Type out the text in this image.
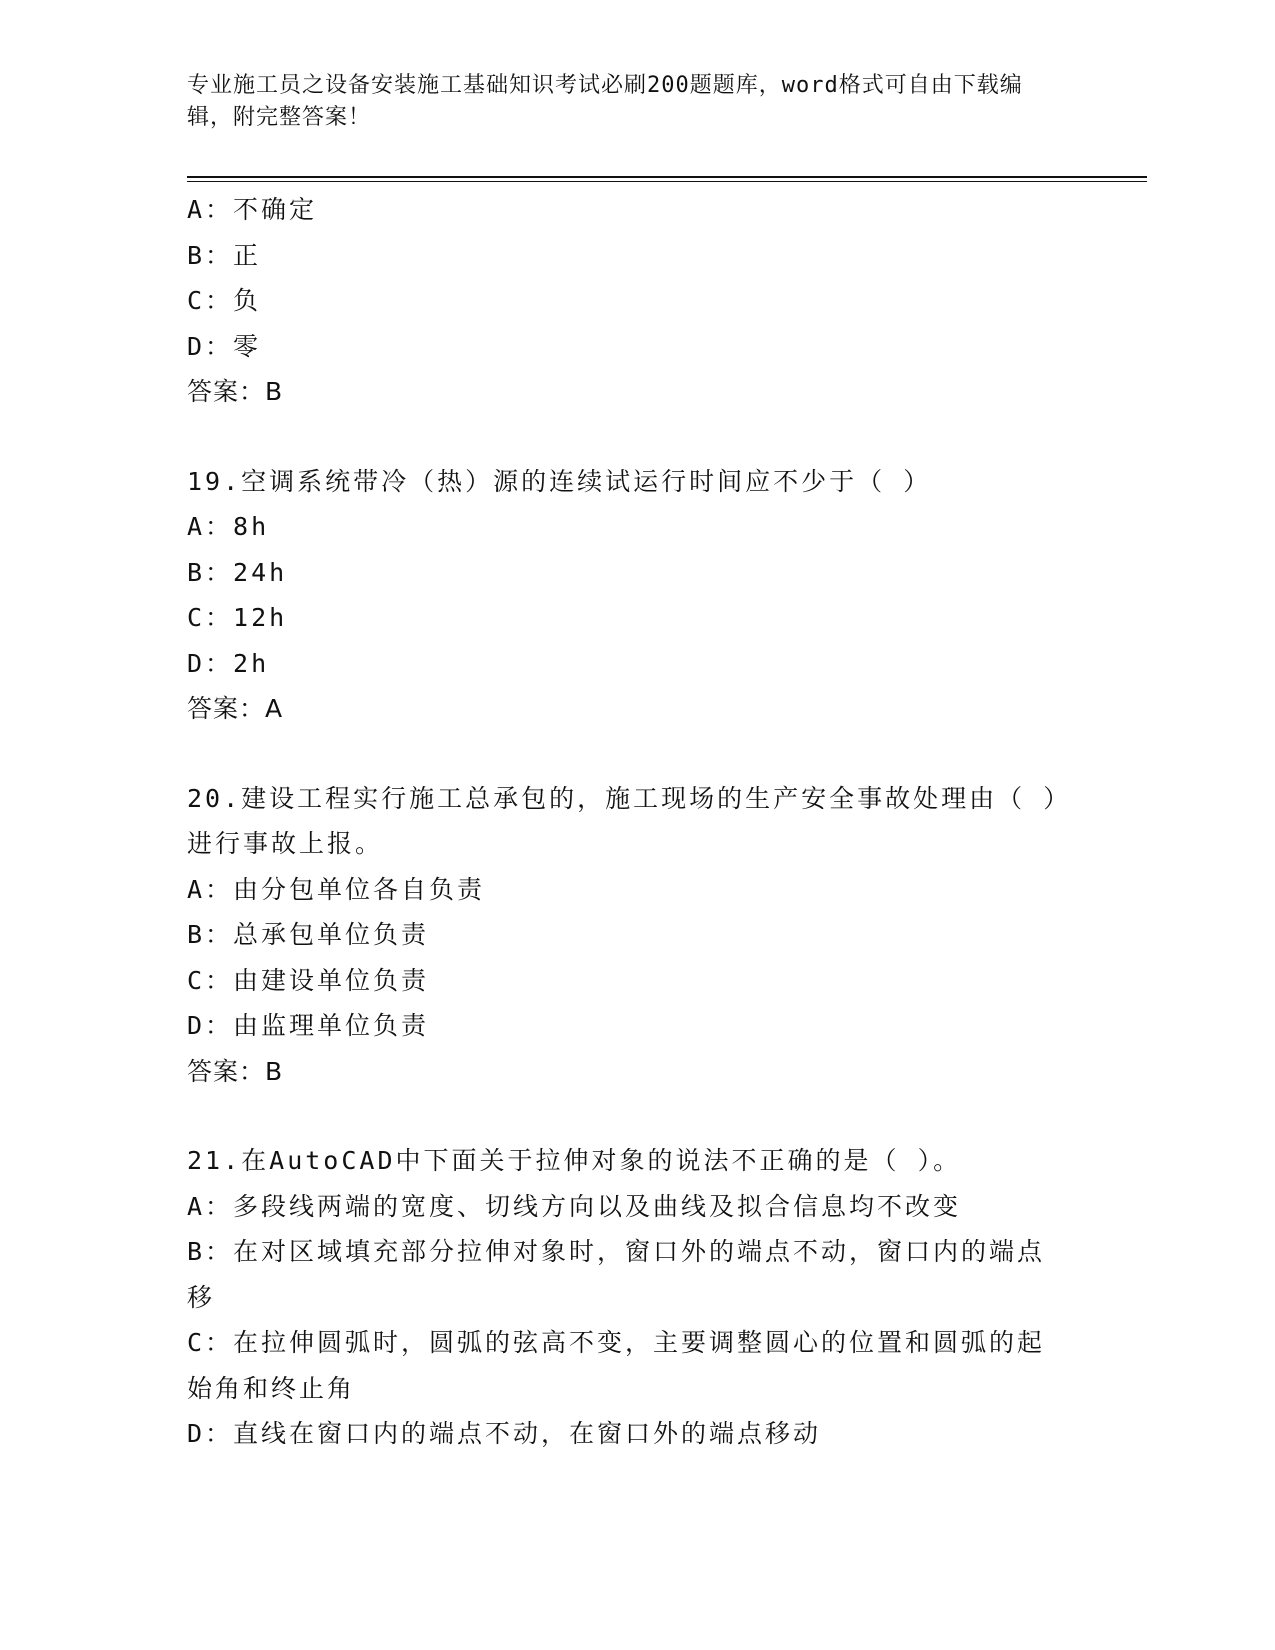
专业施工员之设备安装施工基础知识考试必刷200题题库，word格式可自由下载编辑，附完整答案！
A：不确定
B：正
C：负
D：零
答案：B
19.空调系统带冷（热）源的连续试运行时间应不少于（ ）
A：8h
B：24h
C：12h
D：2h
答案：A
20.建设工程实行施工总承包的，施工现场的生产安全事故处理由（ ）进行事故上报。
A：由分包单位各自负责
B：总承包单位负责
C：由建设单位负责
D：由监理单位负责
答案：B
21.在AutoCAD中下面关于拉伸对象的说法不正确的是（ ）。
A：多段线两端的宽度、切线方向以及曲线及拟合信息均不改变
B：在对区域填充部分拉伸对象时，窗口外的端点不动，窗口内的端点移
C：在拉伸圆弧时，圆弧的弦高不变，主要调整圆心的位置和圆弧的起始角和终止角
D：直线在窗口内的端点不动，在窗口外的端点移动
